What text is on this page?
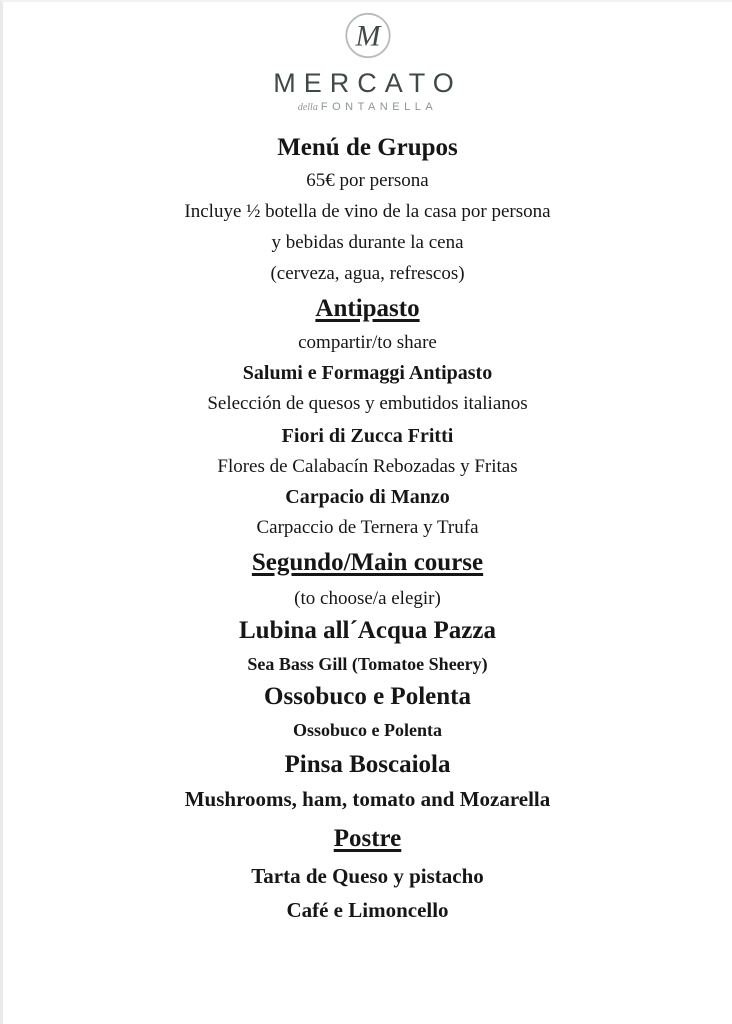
M
MERCATO
della FONTANELLA
Menú de Grupos
65€ por persona
Incluye ½ botella de vino de la casa por persona
y bebidas durante la cena
(cerveza, agua, refrescos)
Antipasto
compartir/to share
Salumi e Formaggi Antipasto
Selección de quesos y embutidos italianos
Fiori di Zucca Fritti
Flores de Calabacín Rebozadas y Fritas
Carpacio di Manzo
Carpaccio de Ternera y Trufa
Segundo/Main course
(to choose/a elegir)
Lubina all´Acqua Pazza
Sea Bass Gill (Tomatoe Sheery)
Ossobuco e Polenta
Ossobuco e Polenta
Pinsa Boscaiola
Mushrooms, ham, tomato and Mozarella
Postre
Tarta de Queso y pistacho
Café e Limoncello
